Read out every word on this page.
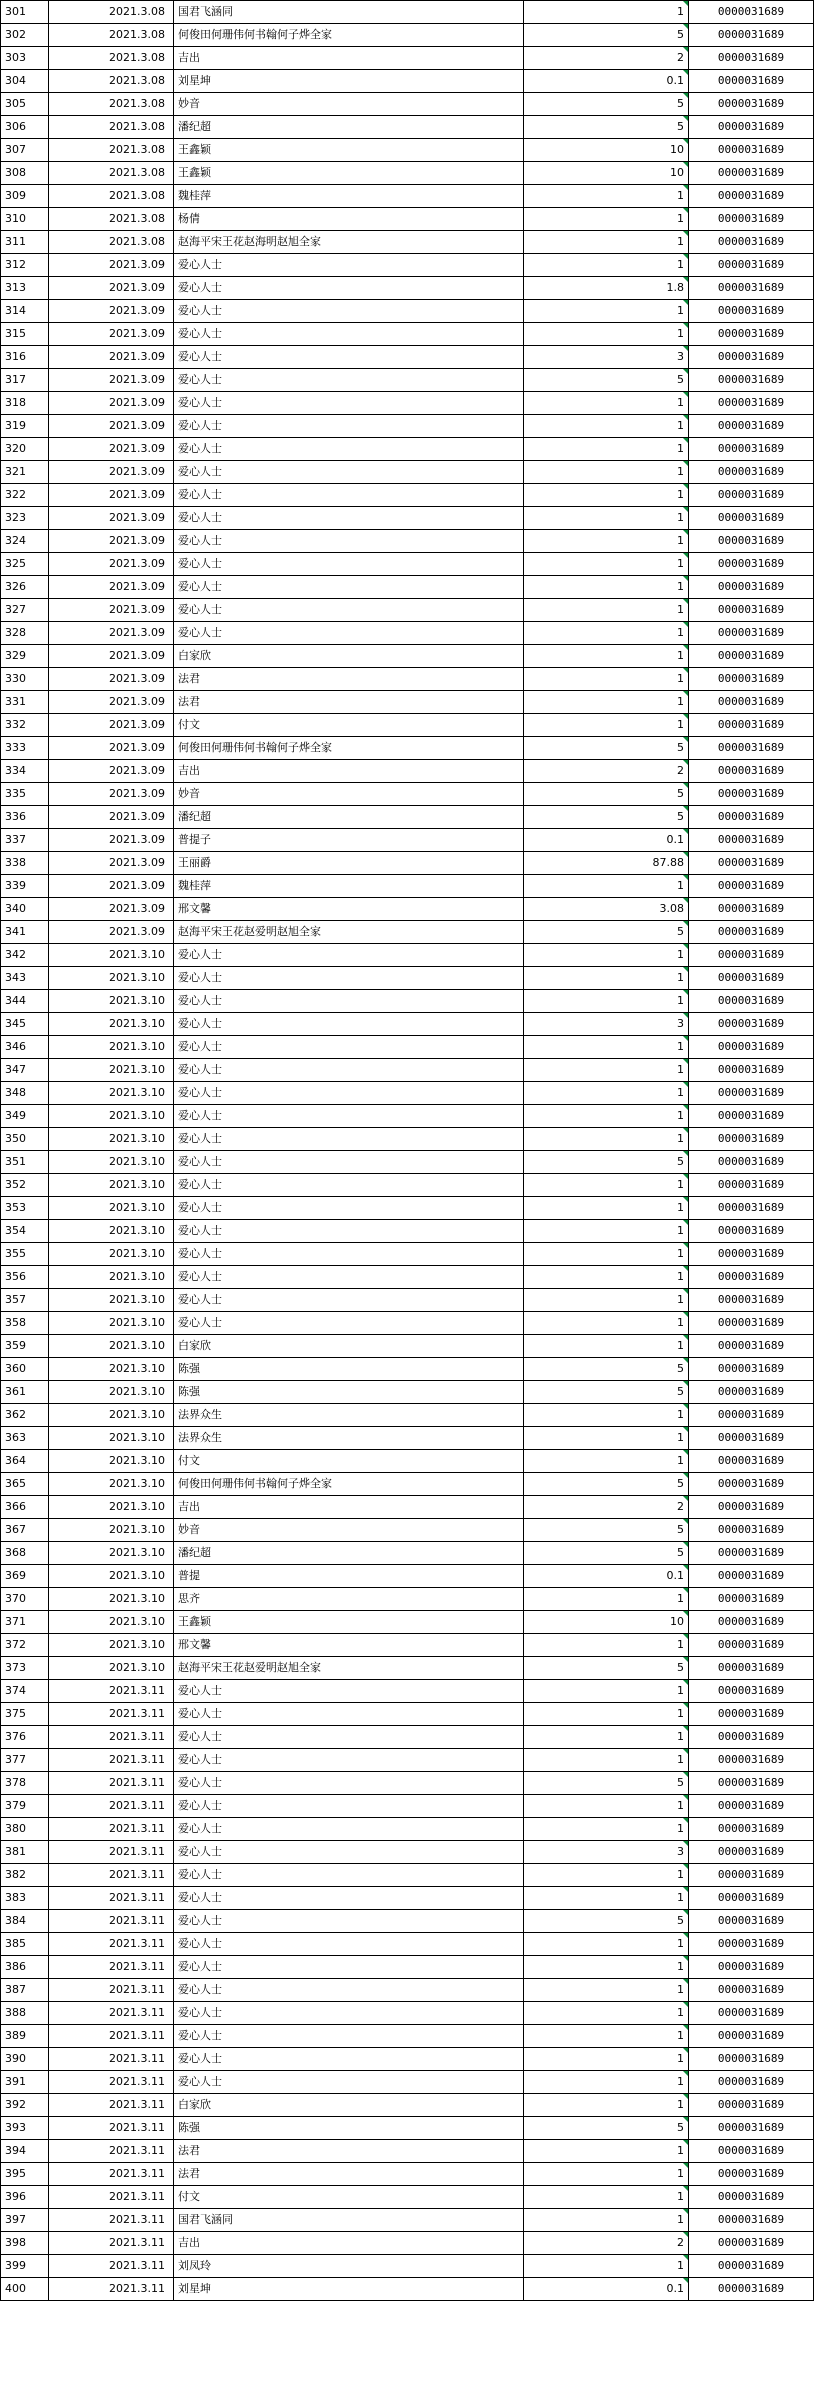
301	2021.3.08	国君飞涵同	1	0000031689
302	2021.3.08	何俊田何珊伟何书翰何子烨全家	5	0000031689
303	2021.3.08	吉出	2	0000031689
304	2021.3.08	刘星坤	0.1	0000031689
305	2021.3.08	妙音	5	0000031689
306	2021.3.08	潘纪超	5	0000031689
307	2021.3.08	王鑫颖	10	0000031689
308	2021.3.08	王鑫颖	10	0000031689
309	2021.3.08	魏桂萍	1	0000031689
310	2021.3.08	杨倩	1	0000031689
311	2021.3.08	赵海平宋王花赵海明赵旭全家	1	0000031689
312	2021.3.09	爱心人士	1	0000031689
313	2021.3.09	爱心人士	1.8	0000031689
314	2021.3.09	爱心人士	1	0000031689
315	2021.3.09	爱心人士	1	0000031689
316	2021.3.09	爱心人士	3	0000031689
317	2021.3.09	爱心人士	5	0000031689
318	2021.3.09	爱心人士	1	0000031689
319	2021.3.09	爱心人士	1	0000031689
320	2021.3.09	爱心人士	1	0000031689
321	2021.3.09	爱心人士	1	0000031689
322	2021.3.09	爱心人士	1	0000031689
323	2021.3.09	爱心人士	1	0000031689
324	2021.3.09	爱心人士	1	0000031689
325	2021.3.09	爱心人士	1	0000031689
326	2021.3.09	爱心人士	1	0000031689
327	2021.3.09	爱心人士	1	0000031689
328	2021.3.09	爱心人士	1	0000031689
329	2021.3.09	白家欣	1	0000031689
330	2021.3.09	法君	1	0000031689
331	2021.3.09	法君	1	0000031689
332	2021.3.09	付文	1	0000031689
333	2021.3.09	何俊田何珊伟何书翰何子烨全家	5	0000031689
334	2021.3.09	吉出	2	0000031689
335	2021.3.09	妙音	5	0000031689
336	2021.3.09	潘纪超	5	0000031689
337	2021.3.09	普提子	0.1	0000031689
338	2021.3.09	王丽爵	87.88	0000031689
339	2021.3.09	魏桂萍	1	0000031689
340	2021.3.09	邢文馨	3.08	0000031689
341	2021.3.09	赵海平宋王花赵爱明赵旭全家	5	0000031689
342	2021.3.10	爱心人士	1	0000031689
343	2021.3.10	爱心人士	1	0000031689
344	2021.3.10	爱心人士	1	0000031689
345	2021.3.10	爱心人士	3	0000031689
346	2021.3.10	爱心人士	1	0000031689
347	2021.3.10	爱心人士	1	0000031689
348	2021.3.10	爱心人士	1	0000031689
349	2021.3.10	爱心人士	1	0000031689
350	2021.3.10	爱心人士	1	0000031689
351	2021.3.10	爱心人士	5	0000031689
352	2021.3.10	爱心人士	1	0000031689
353	2021.3.10	爱心人士	1	0000031689
354	2021.3.10	爱心人士	1	0000031689
355	2021.3.10	爱心人士	1	0000031689
356	2021.3.10	爱心人士	1	0000031689
357	2021.3.10	爱心人士	1	0000031689
358	2021.3.10	爱心人士	1	0000031689
359	2021.3.10	白家欣	1	0000031689
360	2021.3.10	陈强	5	0000031689
361	2021.3.10	陈强	5	0000031689
362	2021.3.10	法界众生	1	0000031689
363	2021.3.10	法界众生	1	0000031689
364	2021.3.10	付文	1	0000031689
365	2021.3.10	何俊田何珊伟何书翰何子烨全家	5	0000031689
366	2021.3.10	吉出	2	0000031689
367	2021.3.10	妙音	5	0000031689
368	2021.3.10	潘纪超	5	0000031689
369	2021.3.10	普提	0.1	0000031689
370	2021.3.10	思齐	1	0000031689
371	2021.3.10	王鑫颖	10	0000031689
372	2021.3.10	邢文馨	1	0000031689
373	2021.3.10	赵海平宋王花赵爱明赵旭全家	5	0000031689
374	2021.3.11	爱心人士	1	0000031689
375	2021.3.11	爱心人士	1	0000031689
376	2021.3.11	爱心人士	1	0000031689
377	2021.3.11	爱心人士	1	0000031689
378	2021.3.11	爱心人士	5	0000031689
379	2021.3.11	爱心人士	1	0000031689
380	2021.3.11	爱心人士	1	0000031689
381	2021.3.11	爱心人士	3	0000031689
382	2021.3.11	爱心人士	1	0000031689
383	2021.3.11	爱心人士	1	0000031689
384	2021.3.11	爱心人士	5	0000031689
385	2021.3.11	爱心人士	1	0000031689
386	2021.3.11	爱心人士	1	0000031689
387	2021.3.11	爱心人士	1	0000031689
388	2021.3.11	爱心人士	1	0000031689
389	2021.3.11	爱心人士	1	0000031689
390	2021.3.11	爱心人士	1	0000031689
391	2021.3.11	爱心人士	1	0000031689
392	2021.3.11	白家欣	1	0000031689
393	2021.3.11	陈强	5	0000031689
394	2021.3.11	法君	1	0000031689
395	2021.3.11	法君	1	0000031689
396	2021.3.11	付文	1	0000031689
397	2021.3.11	国君飞涵同	1	0000031689
398	2021.3.11	吉出	2	0000031689
399	2021.3.11	刘凤玲	1	0000031689
400	2021.3.11	刘星坤	0.1	0000031689
